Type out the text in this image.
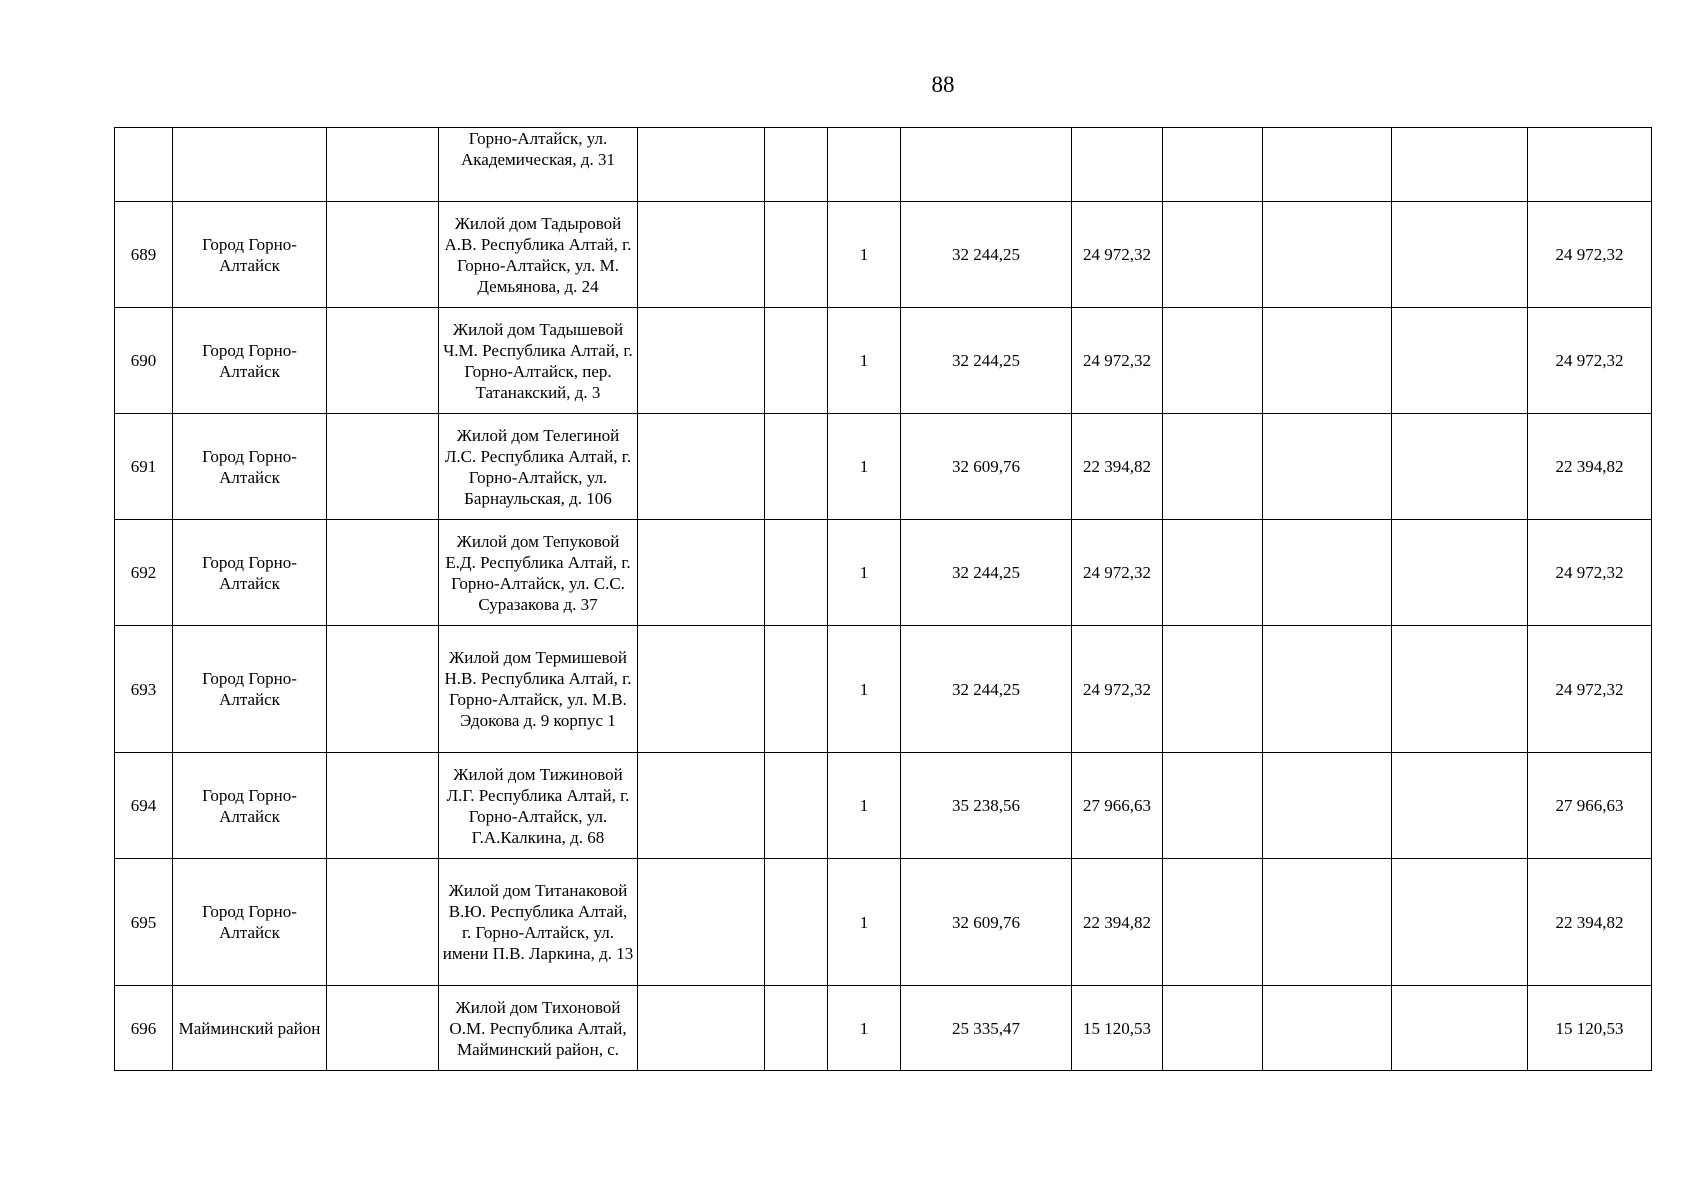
88
			Горно-Алтайск, ул. Академическая, д. 31									
689	Город Горно-Алтайск		Жилой дом Тадыровой А.В. Республика Алтай, г. Горно-Алтайск, ул. М. Демьянова, д. 24			1	32 244,25	24 972,32				24 972,32
690	Город Горно-Алтайск		Жилой дом Тадышевой Ч.М. Республика Алтай, г. Горно-Алтайск, пер. Татанакский, д. 3			1	32 244,25	24 972,32				24 972,32
691	Город Горно-Алтайск		Жилой дом Телегиной Л.С. Республика Алтай, г. Горно-Алтайск, ул. Барнаульская, д. 106			1	32 609,76	22 394,82				22 394,82
692	Город Горно-Алтайск		Жилой дом Тепуковой Е.Д. Республика Алтай, г. Горно-Алтайск, ул. С.С. Суразакова д. 37			1	32 244,25	24 972,32				24 972,32
693	Город Горно-Алтайск		Жилой дом Термишевой Н.В. Республика Алтай, г. Горно-Алтайск, ул. М.В. Эдокова д. 9 корпус 1			1	32 244,25	24 972,32				24 972,32
694	Город Горно-Алтайск		Жилой дом Тижиновой Л.Г. Республика Алтай, г. Горно-Алтайск, ул. Г.А.Калкина, д. 68			1	35 238,56	27 966,63				27 966,63
695	Город Горно-Алтайск		Жилой дом Титанаковой В.Ю. Республика Алтай, г. Горно-Алтайск, ул. имени П.В. Ларкина, д. 13			1	32 609,76	22 394,82				22 394,82
696	Майминский район		Жилой дом Тихоновой О.М. Республика Алтай, Майминский район, с.			1	25 335,47	15 120,53				15 120,53
